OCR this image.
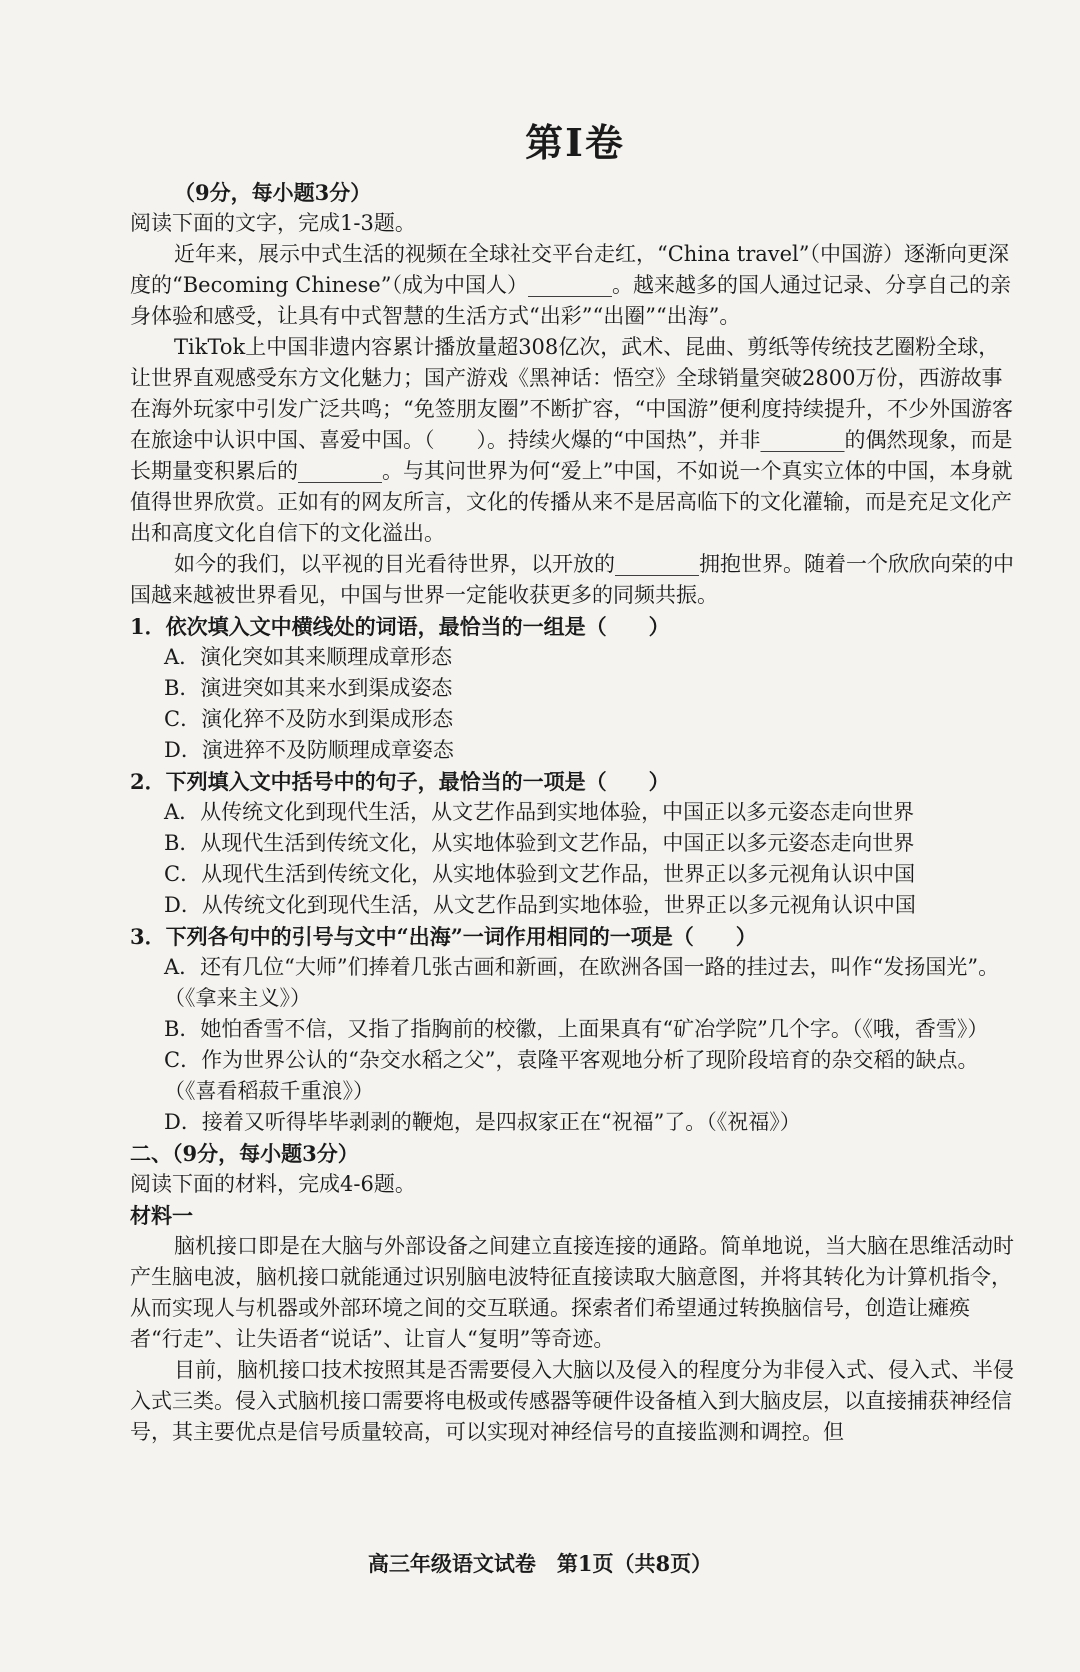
第I卷

（9分，每小题3分）

阅读下面的文字，完成1-3题。

近年来，展示中式生活的视频在全球社交平台走红，“China travel”（中国游）逐渐向更深度的“Becoming Chinese”（成为中国人）________。越来越多的国人通过记录、分享自己的亲身体验和感受，让具有中式智慧的生活方式“出彩”“出圈”“出海”。

TikTok上中国非遗内容累计播放量超308亿次，武术、昆曲、剪纸等传统技艺圈粉全球，让世界直观感受东方文化魅力；国产游戏《黑神话：悟空》全球销量突破2800万份，西游故事在海外玩家中引发广泛共鸣；“免签朋友圈”不断扩容，“中国游”便利度持续提升，不少外国游客在旅途中认识中国、喜爱中国。（　　）。持续火爆的“中国热”，并非________的偶然现象，而是长期量变积累后的________。与其问世界为何“爱上”中国，不如说一个真实立体的中国，本身就值得世界欣赏。正如有的网友所言，文化的传播从来不是居高临下的文化灌输，而是充足文化产出和高度文化自信下的文化溢出。

如今的我们，以平视的目光看待世界，以开放的________拥抱世界。随着一个欣欣向荣的中国越来越被世界看见，中国与世界一定能收获更多的同频共振。

1．依次填入文中横线处的词语，最恰当的一组是（　　）

A．演化突如其来顺理成章形态

B．演进突如其来水到渠成姿态

C．演化猝不及防水到渠成形态

D．演进猝不及防顺理成章姿态

2．下列填入文中括号中的句子，最恰当的一项是（　　）

A．从传统文化到现代生活，从文艺作品到实地体验，中国正以多元姿态走向世界

B．从现代生活到传统文化，从实地体验到文艺作品，中国正以多元姿态走向世界

C．从现代生活到传统文化，从实地体验到文艺作品，世界正以多元视角认识中国

D．从传统文化到现代生活，从文艺作品到实地体验，世界正以多元视角认识中国

3．下列各句中的引号与文中“出海”一词作用相同的一项是（　　）

A．还有几位“大师”们捧着几张古画和新画，在欧洲各国一路的挂过去，叫作“发扬国光”。（《拿来主义》）

B．她怕香雪不信，又指了指胸前的校徽，上面果真有“矿冶学院”几个字。（《哦，香雪》）

C．作为世界公认的“杂交水稻之父”，袁隆平客观地分析了现阶段培育的杂交稻的缺点。（《喜看稻菽千重浪》）

D．接着又听得毕毕剥剥的鞭炮，是四叔家正在“祝福”了。（《祝福》）

二、（9分，每小题3分）

阅读下面的材料，完成4-6题。

材料一

脑机接口即是在大脑与外部设备之间建立直接连接的通路。简单地说，当大脑在思维活动时产生脑电波，脑机接口就能通过识别脑电波特征直接读取大脑意图，并将其转化为计算机指令，从而实现人与机器或外部环境之间的交互联通。探索者们希望通过转换脑信号，创造让瘫痪者“行走”、让失语者“说话”、让盲人“复明”等奇迹。

目前，脑机接口技术按照其是否需要侵入大脑以及侵入的程度分为非侵入式、侵入式、半侵入式三类。侵入式脑机接口需要将电极或传感器等硬件设备植入到大脑皮层，以直接捕获神经信号，其主要优点是信号质量较高，可以实现对神经信号的直接监测和调控。但

高三年级语文试卷　第1页（共8页）
